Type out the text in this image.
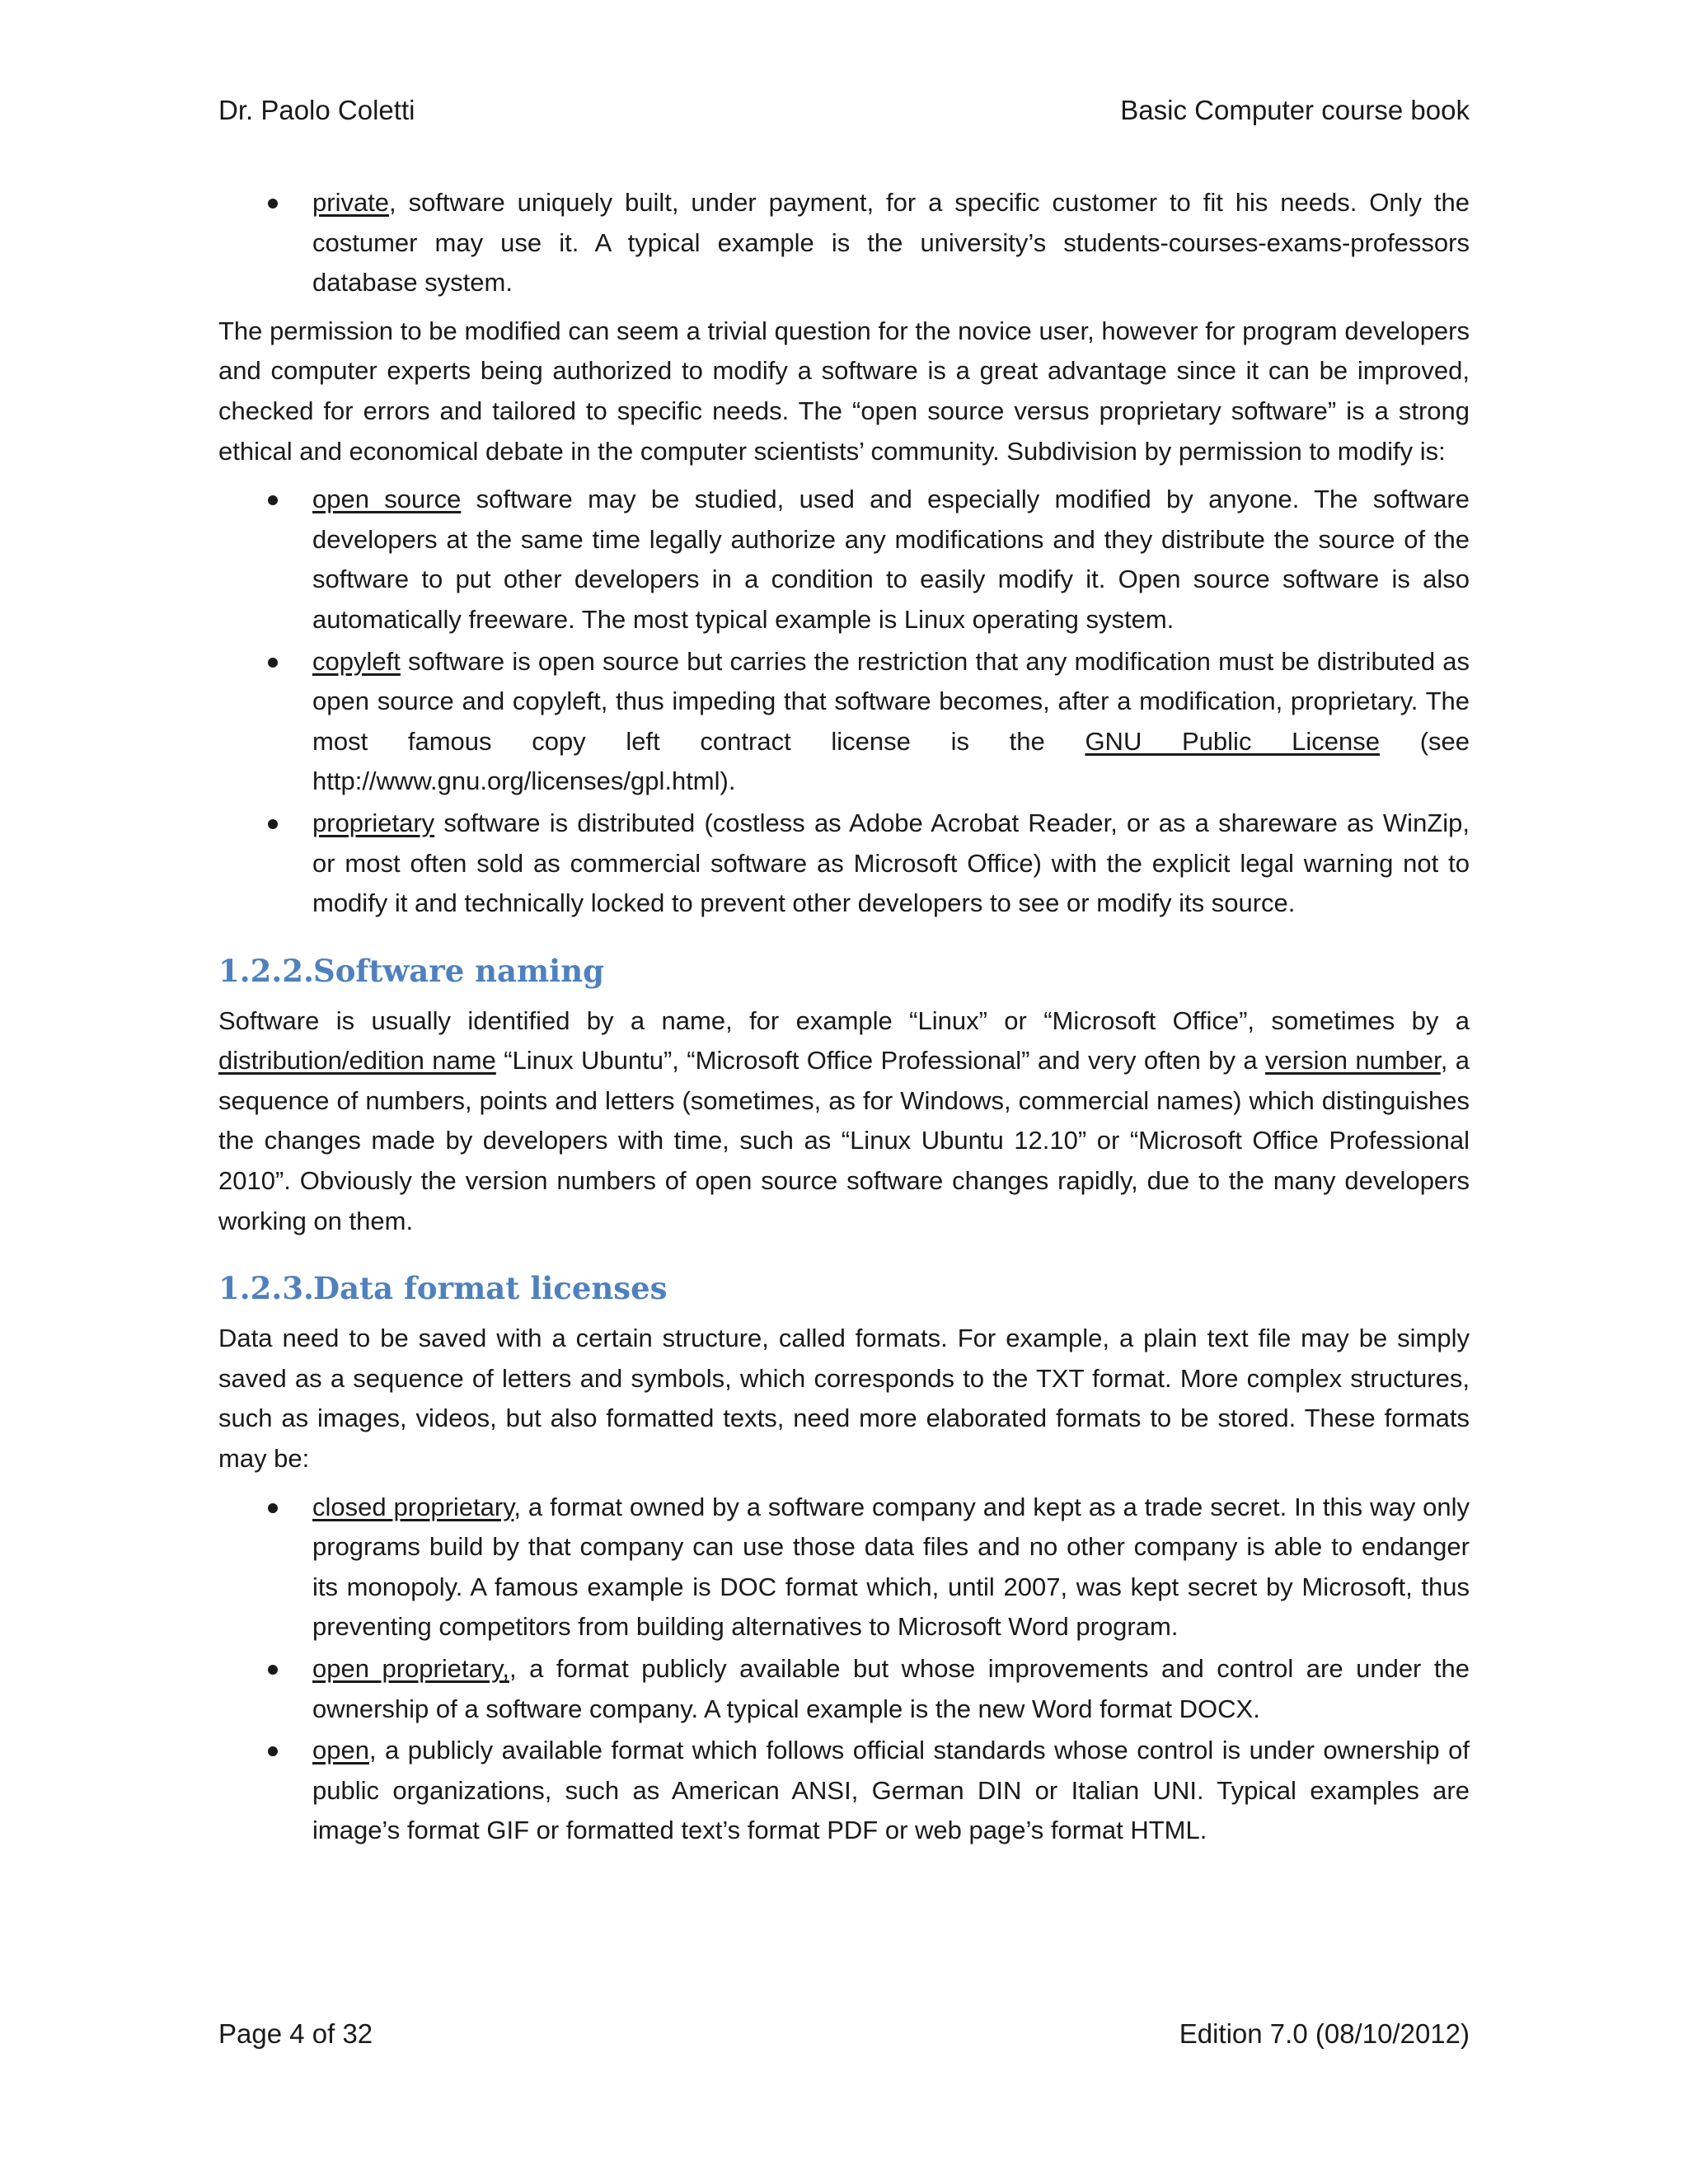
Dr. Paolo Coletti	Basic Computer course book
private, software uniquely built, under payment, for a specific customer to fit his needs. Only the costumer may use it. A typical example is the university’s students-courses-exams-professors database system.

The permission to be modified can seem a trivial question for the novice user, however for program developers and computer experts being authorized to modify a software is a great advantage since it can be improved, checked for errors and tailored to specific needs. The “open source versus proprietary software” is a strong ethical and economical debate in the computer scientists’ community. Subdivision by permission to modify is:

open source software may be studied, used and especially modified by anyone. The software developers at the same time legally authorize any modifications and they distribute the source of the software to put other developers in a condition to easily modify it. Open source software is also automatically freeware. The most typical example is Linux operating system.
copyleft software is open source but carries the restriction that any modification must be distributed as open source and copyleft, thus impeding that software becomes, after a modification, proprietary. The most famous copy left contract license is the GNU Public License (see http://www.gnu.org/licenses/gpl.html).
proprietary software is distributed (costless as Adobe Acrobat Reader, or as a shareware as WinZip, or most often sold as commercial software as Microsoft Office) with the explicit legal warning not to modify it and technically locked to prevent other developers to see or modify its source.
1.2.2.Software naming

Software is usually identified by a name, for example “Linux” or “Microsoft Office”, sometimes by a distribution/edition name “Linux Ubuntu”, “Microsoft Office Professional” and very often by a version number, a sequence of numbers, points and letters (sometimes, as for Windows, commercial names) which distinguishes the changes made by developers with time, such as “Linux Ubuntu 12.10” or “Microsoft Office Professional 2010”. Obviously the version numbers of open source software changes rapidly, due to the many developers working on them.

1.2.3.Data format licenses

Data need to be saved with a certain structure, called formats. For example, a plain text file may be simply saved as a sequence of letters and symbols, which corresponds to the TXT format. More complex structures, such as images, videos, but also formatted texts, need more elaborated formats to be stored. These formats may be:

closed proprietary, a format owned by a software company and kept as a trade secret. In this way only programs build by that company can use those data files and no other company is able to endanger its monopoly. A famous example is DOC format which, until 2007, was kept secret by Microsoft, thus preventing competitors from building alternatives to Microsoft Word program.
open proprietary,, a format publicly available but whose improvements and control are under the ownership of a software company. A typical example is the new Word format DOCX.
open, a publicly available format which follows official standards whose control is under ownership of public organizations, such as American ANSI, German DIN or Italian UNI. Typical examples are image’s format GIF or formatted text’s format PDF or web page’s format HTML.
Page 4 of 32	Edition 7.0 (08/10/2012)
